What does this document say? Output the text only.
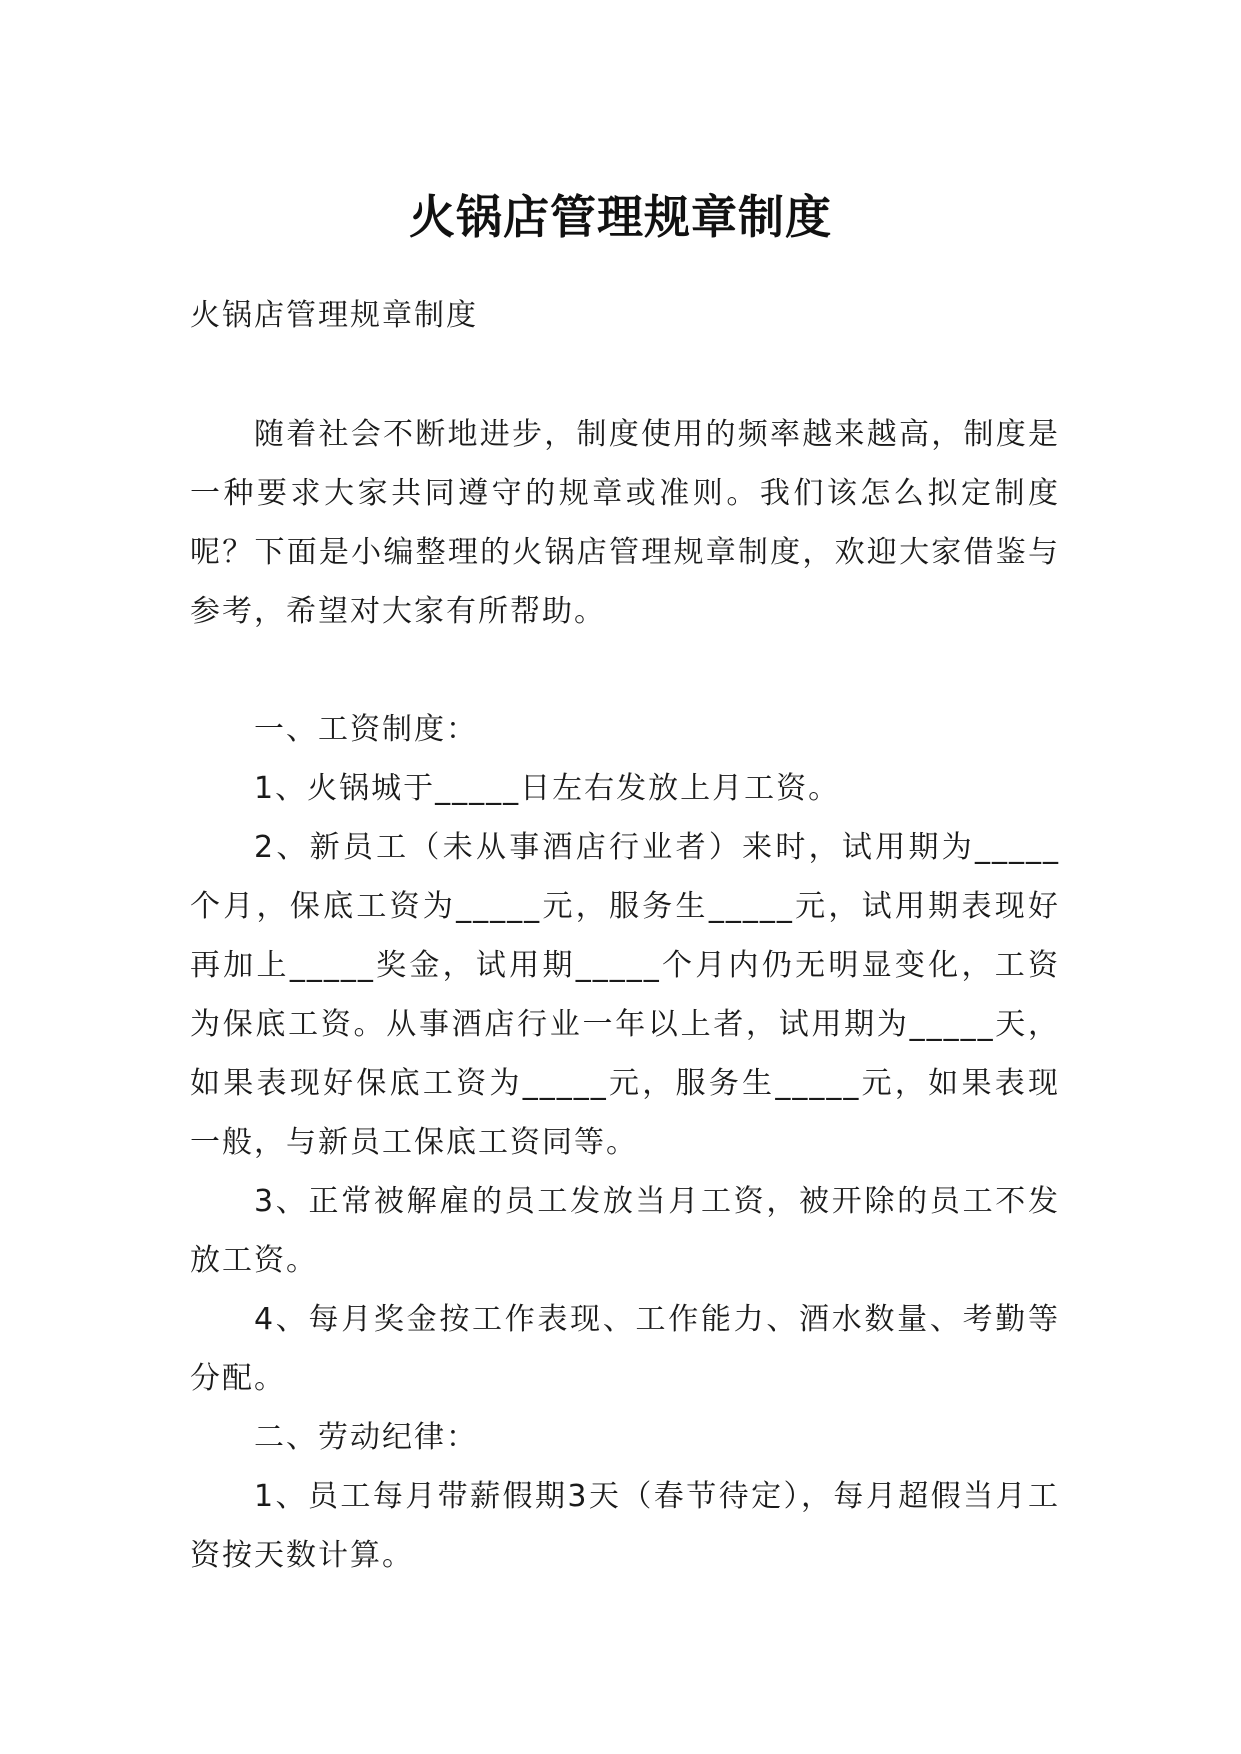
火锅店管理规章制度

火锅店管理规章制度

随着社会不断地进步，制度使用的频率越来越高，制度是一种要求大家共同遵守的规章或准则。我们该怎么拟定制度呢？下面是小编整理的火锅店管理规章制度，欢迎大家借鉴与参考，希望对大家有所帮助。

一、工资制度：

1、火锅城于_____日左右发放上月工资。

2、新员工（未从事酒店行业者）来时，试用期为_____个月，保底工资为_____元，服务生_____元，试用期表现好再加上_____奖金，试用期_____个月内仍无明显变化，工资为保底工资。从事酒店行业一年以上者，试用期为_____天，如果表现好保底工资为_____元，服务生_____元，如果表现一般，与新员工保底工资同等。

3、正常被解雇的员工发放当月工资，被开除的员工不发放工资。

4、每月奖金按工作表现、工作能力、酒水数量、考勤等分配。

二、劳动纪律：

1、员工每月带薪假期3天（春节待定），每月超假当月工资按天数计算。
